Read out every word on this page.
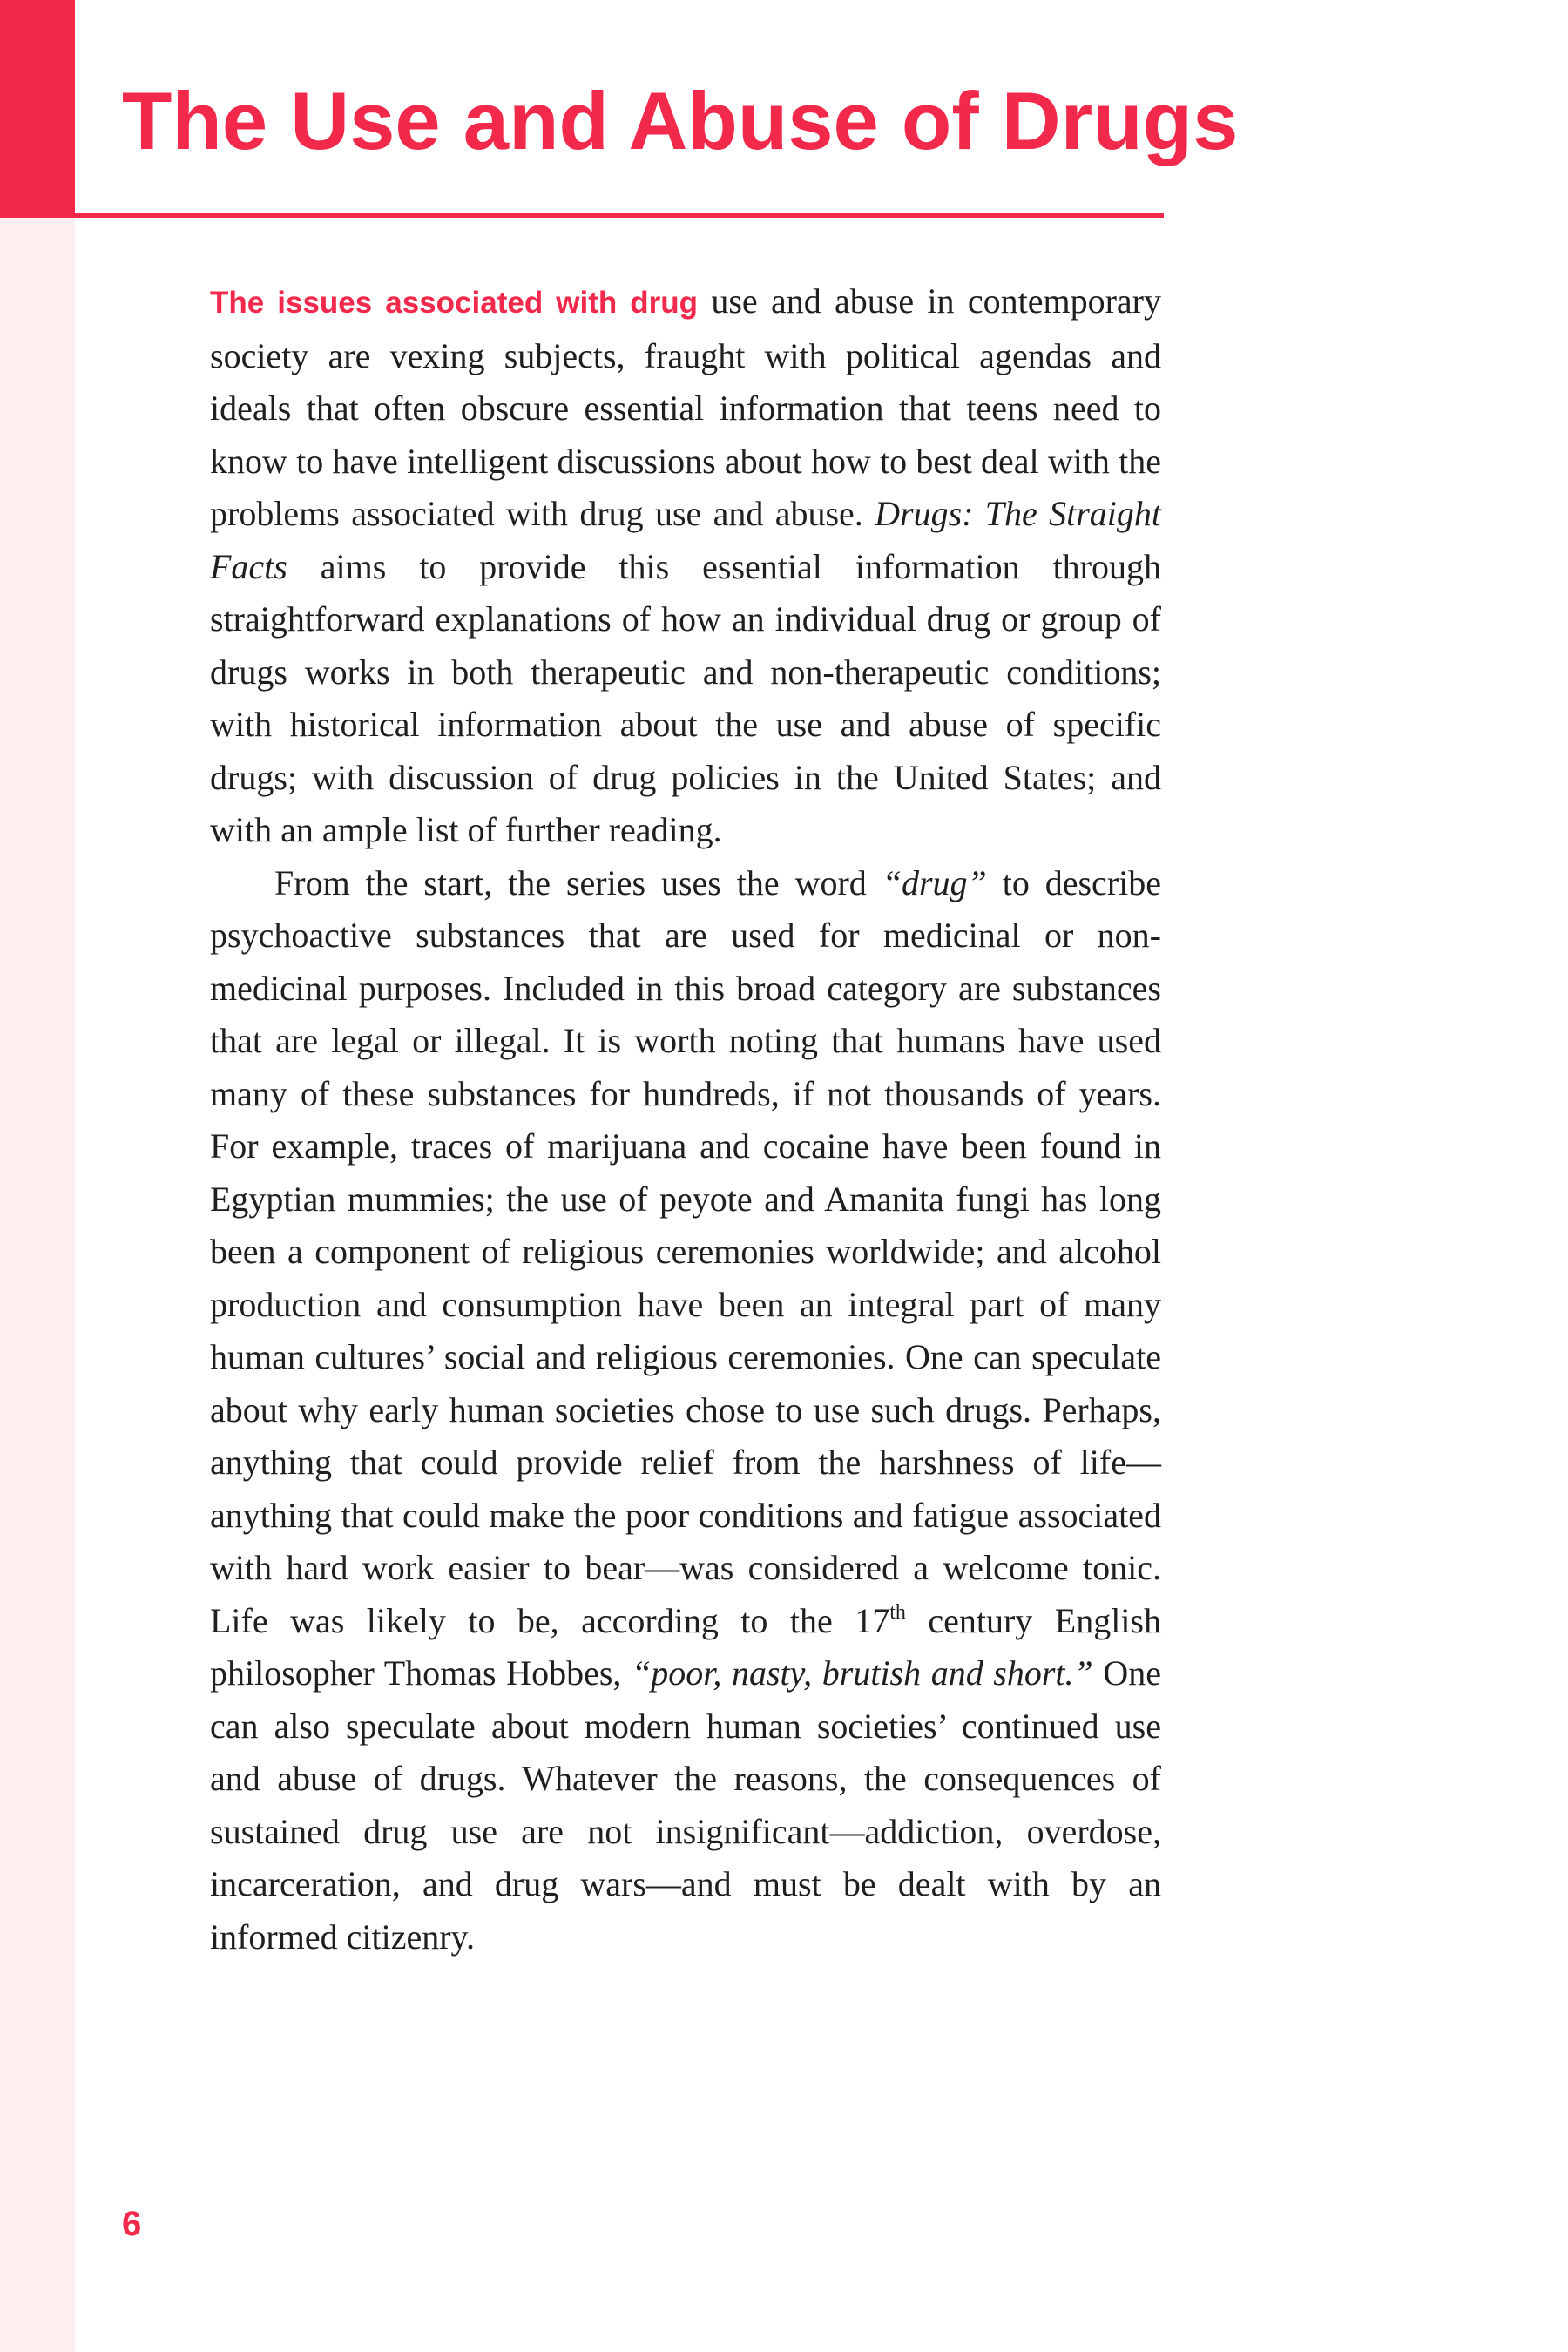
The Use and Abuse of Drugs

The issues associated with drug use and abuse in contemporary society are vexing subjects, fraught with political agendas and ideals that often obscure essential information that teens need to know to have intelligent discussions about how to best deal with the problems associated with drug use and abuse. Drugs: The Straight Facts aims to provide this essential information through straightforward explanations of how an individual drug or group of drugs works in both therapeutic and non-therapeutic conditions; with historical information about the use and abuse of specific drugs; with discussion of drug policies in the United States; and with an ample list of further reading.

From the start, the series uses the word “drug” to describe psychoactive substances that are used for medicinal or non-medicinal purposes. Included in this broad category are substances that are legal or illegal. It is worth noting that humans have used many of these substances for hundreds, if not thousands of years. For example, traces of marijuana and cocaine have been found in Egyptian mummies; the use of peyote and Amanita fungi has long been a component of religious ceremonies worldwide; and alcohol production and consumption have been an integral part of many human cultures’ social and religious ceremonies. One can speculate about why early human societies chose to use such drugs. Perhaps, anything that could provide relief from the harshness of life—anything that could make the poor conditions and fatigue associated with hard work easier to bear—was considered a welcome tonic. Life was likely to be, according to the 17th century English philosopher Thomas Hobbes, “poor, nasty, brutish and short.” One can also speculate about modern human societies’ continued use and abuse of drugs. Whatever the reasons, the consequences of sustained drug use are not insignificant—addiction, overdose, incarceration, and drug wars—and must be dealt with by an informed citizenry.

6
